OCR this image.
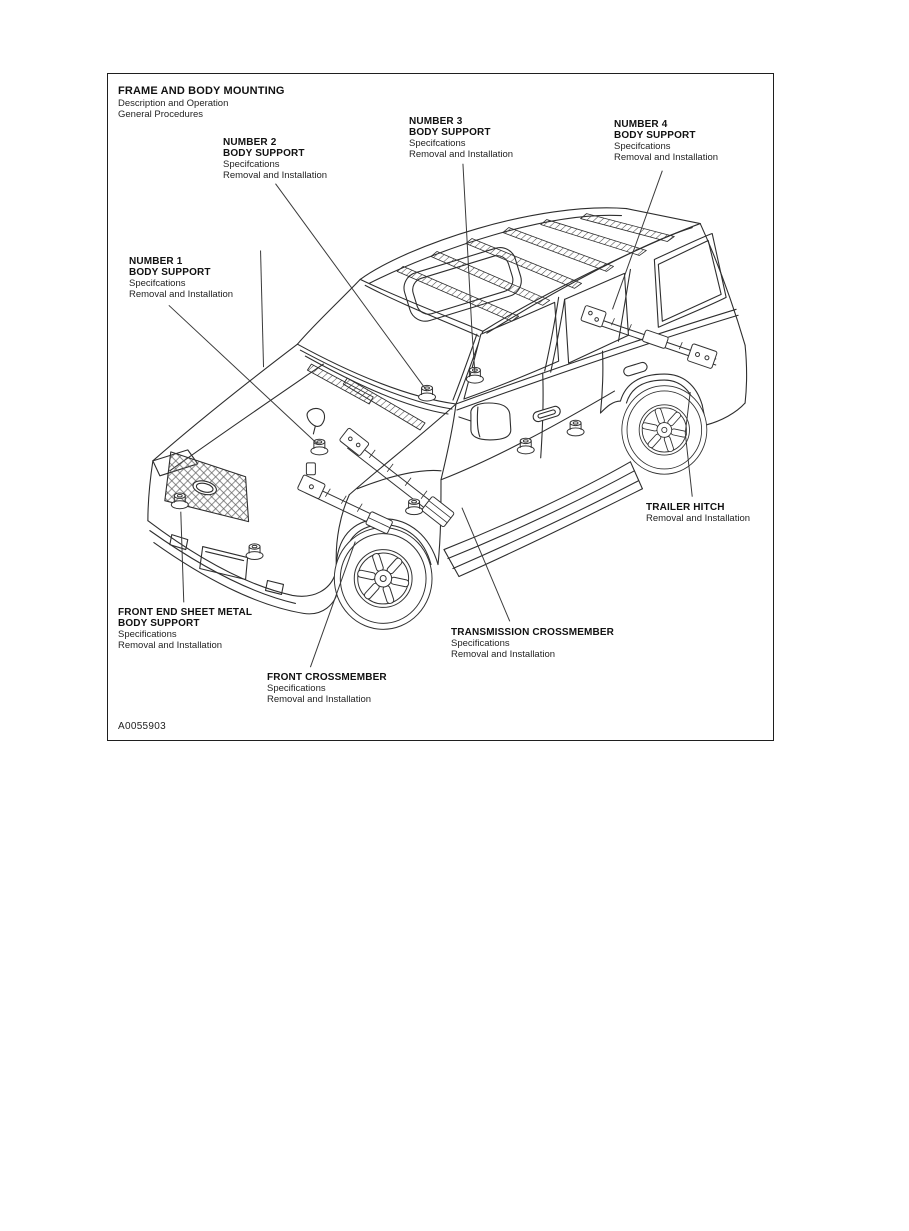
FRAME AND BODY MOUNTING
Description and Operation
General Procedures
NUMBER 1
BODY SUPPORT
Specifcations
Removal and Installation
NUMBER 2
BODY SUPPORT
Specifcations
Removal and Installation
NUMBER 3
BODY SUPPORT
Specifcations
Removal and Installation
NUMBER 4
BODY SUPPORT
Specifcations
Removal and Installation
TRAILER HITCH
Removal and Installation
FRONT END SHEET METAL
BODY SUPPORT
Specifications
Removal and Installation
TRANSMISSION CROSSMEMBER
Specifications
Removal and Installation
FRONT CROSSMEMBER
Specifications
Removal and Installation
A0055903
